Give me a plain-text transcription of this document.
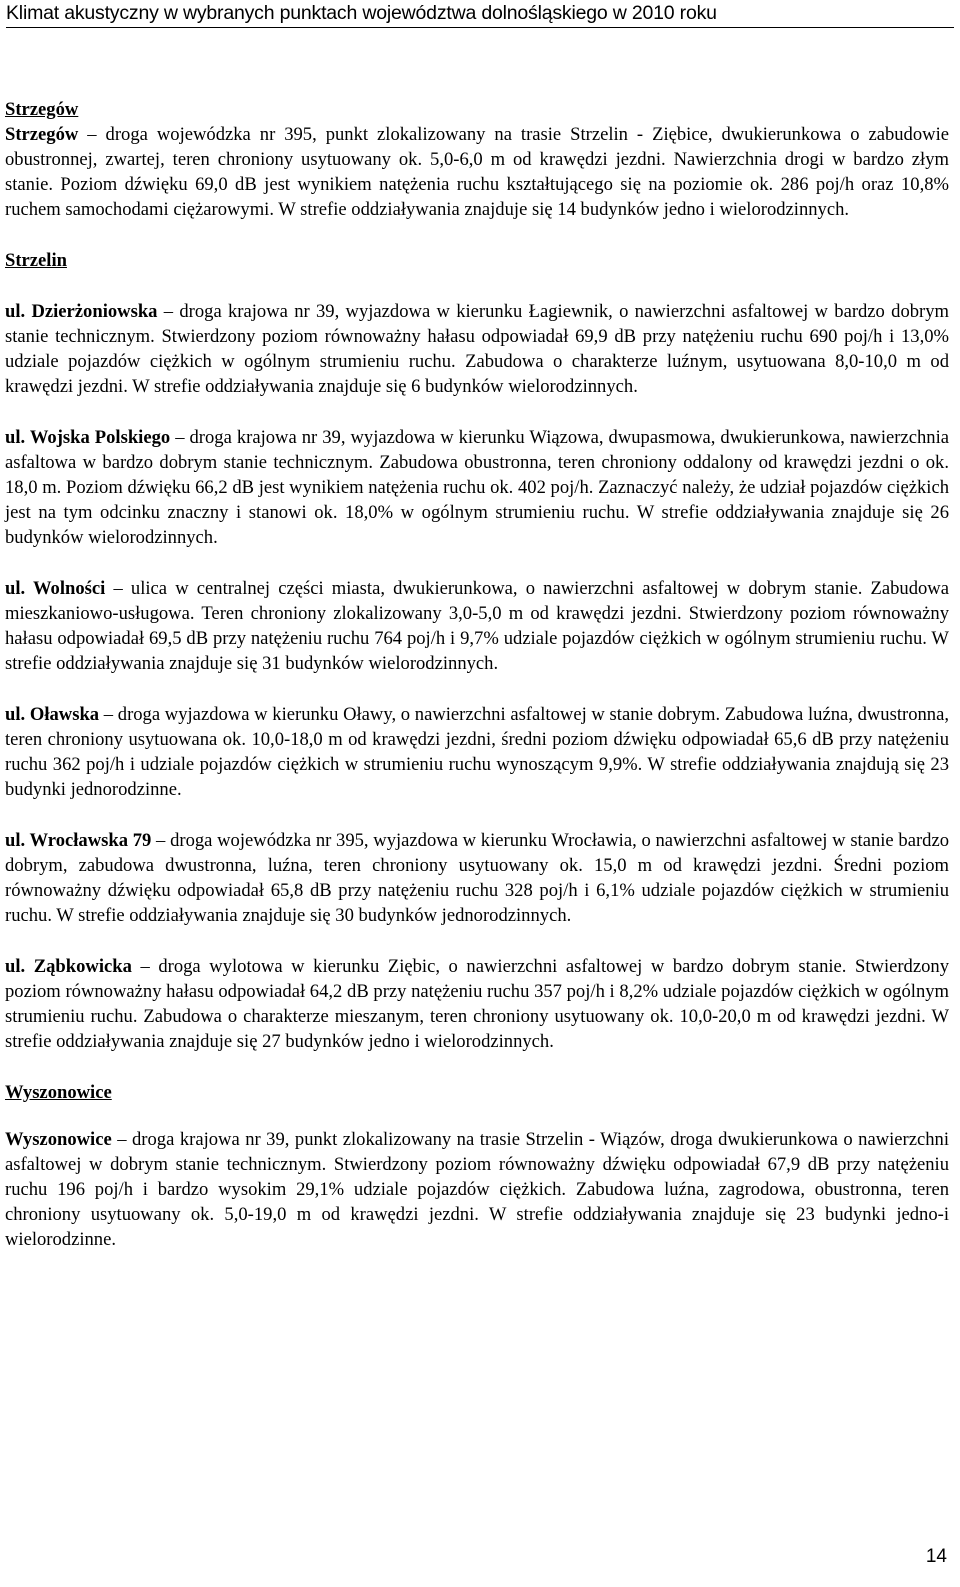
Klimat akustyczny w wybranych punktach województwa dolnośląskiego w 2010 roku

Strzegów

Strzegów – droga wojewódzka nr 395, punkt zlokalizowany na trasie Strzelin - Ziębice, dwukierunkowa o zabudowie obustronnej, zwartej, teren chroniony usytuowany ok. 5,0-6,0 m od krawędzi jezdni. Nawierzchnia drogi w bardzo złym stanie. Poziom dźwięku 69,0 dB jest wynikiem natężenia ruchu kształtującego się na poziomie ok. 286 poj/h oraz 10,8% ruchem samochodami ciężarowymi. W strefie oddziaływania znajduje się 14 budynków jedno i wielorodzinnych.

Strzelin

ul. Dzierżoniowska – droga krajowa nr 39, wyjazdowa w kierunku Łagiewnik, o nawierzchni asfaltowej w bardzo dobrym stanie technicznym. Stwierdzony poziom równoważny hałasu odpowiadał 69,9 dB przy natężeniu ruchu 690 poj/h i 13,0% udziale pojazdów ciężkich w ogólnym strumieniu ruchu. Zabudowa o charakterze luźnym, usytuowana 8,0-10,0 m od krawędzi jezdni. W strefie oddziaływania znajduje się 6 budynków wielorodzinnych.

ul. Wojska Polskiego – droga krajowa nr 39, wyjazdowa w kierunku Wiązowa, dwupasmowa, dwukierunkowa, nawierzchnia asfaltowa w bardzo dobrym stanie technicznym. Zabudowa obustronna, teren chroniony oddalony od krawędzi jezdni o ok. 18,0 m. Poziom dźwięku 66,2 dB jest wynikiem natężenia ruchu ok. 402 poj/h. Zaznaczyć należy, że udział pojazdów ciężkich jest na tym odcinku znaczny i stanowi ok. 18,0% w ogólnym strumieniu ruchu. W strefie oddziaływania znajduje się 26 budynków wielorodzinnych.

ul. Wolności – ulica w centralnej części miasta, dwukierunkowa, o nawierzchni asfaltowej w dobrym stanie. Zabudowa mieszkaniowo-usługowa. Teren chroniony zlokalizowany 3,0-5,0 m od krawędzi jezdni. Stwierdzony poziom równoważny hałasu odpowiadał 69,5 dB przy natężeniu ruchu 764 poj/h i 9,7% udziale pojazdów ciężkich w ogólnym strumieniu ruchu. W strefie oddziaływania znajduje się 31 budynków wielorodzinnych.

ul. Oławska – droga wyjazdowa w kierunku Oławy, o nawierzchni asfaltowej w stanie dobrym. Zabudowa luźna, dwustronna, teren chroniony usytuowana ok. 10,0-18,0 m od krawędzi jezdni, średni poziom dźwięku odpowiadał 65,6 dB przy natężeniu ruchu 362 poj/h i udziale pojazdów ciężkich w strumieniu ruchu wynoszącym 9,9%. W strefie oddziaływania znajdują się 23 budynki jednorodzinne.

ul. Wrocławska 79 – droga wojewódzka nr 395, wyjazdowa w kierunku Wrocławia, o nawierzchni asfaltowej w stanie bardzo dobrym, zabudowa dwustronna, luźna, teren chroniony usytuowany ok. 15,0 m od krawędzi jezdni. Średni poziom równoważny dźwięku odpowiadał 65,8 dB przy natężeniu ruchu 328 poj/h i 6,1% udziale pojazdów ciężkich w strumieniu ruchu. W strefie oddziaływania znajduje się 30 budynków jednorodzinnych.

ul. Ząbkowicka – droga wylotowa w kierunku Ziębic, o nawierzchni asfaltowej w bardzo dobrym stanie. Stwierdzony poziom równoważny hałasu odpowiadał 64,2 dB przy natężeniu ruchu 357 poj/h i 8,2% udziale pojazdów ciężkich w ogólnym strumieniu ruchu. Zabudowa o charakterze mieszanym, teren chroniony usytuowany ok. 10,0-20,0 m od krawędzi jezdni. W strefie oddziaływania znajduje się 27 budynków jedno i wielorodzinnych.

Wyszonowice

Wyszonowice – droga krajowa nr 39, punkt zlokalizowany na trasie Strzelin - Wiązów, droga dwukierunkowa o nawierzchni asfaltowej w dobrym stanie technicznym. Stwierdzony poziom równoważny dźwięku odpowiadał 67,9 dB przy natężeniu ruchu 196 poj/h i bardzo wysokim 29,1% udziale pojazdów ciężkich. Zabudowa luźna, zagrodowa, obustronna, teren chroniony usytuowany ok. 5,0-19,0 m od krawędzi jezdni. W strefie oddziaływania znajduje się 23 budynki jedno-i wielorodzinne.

14
